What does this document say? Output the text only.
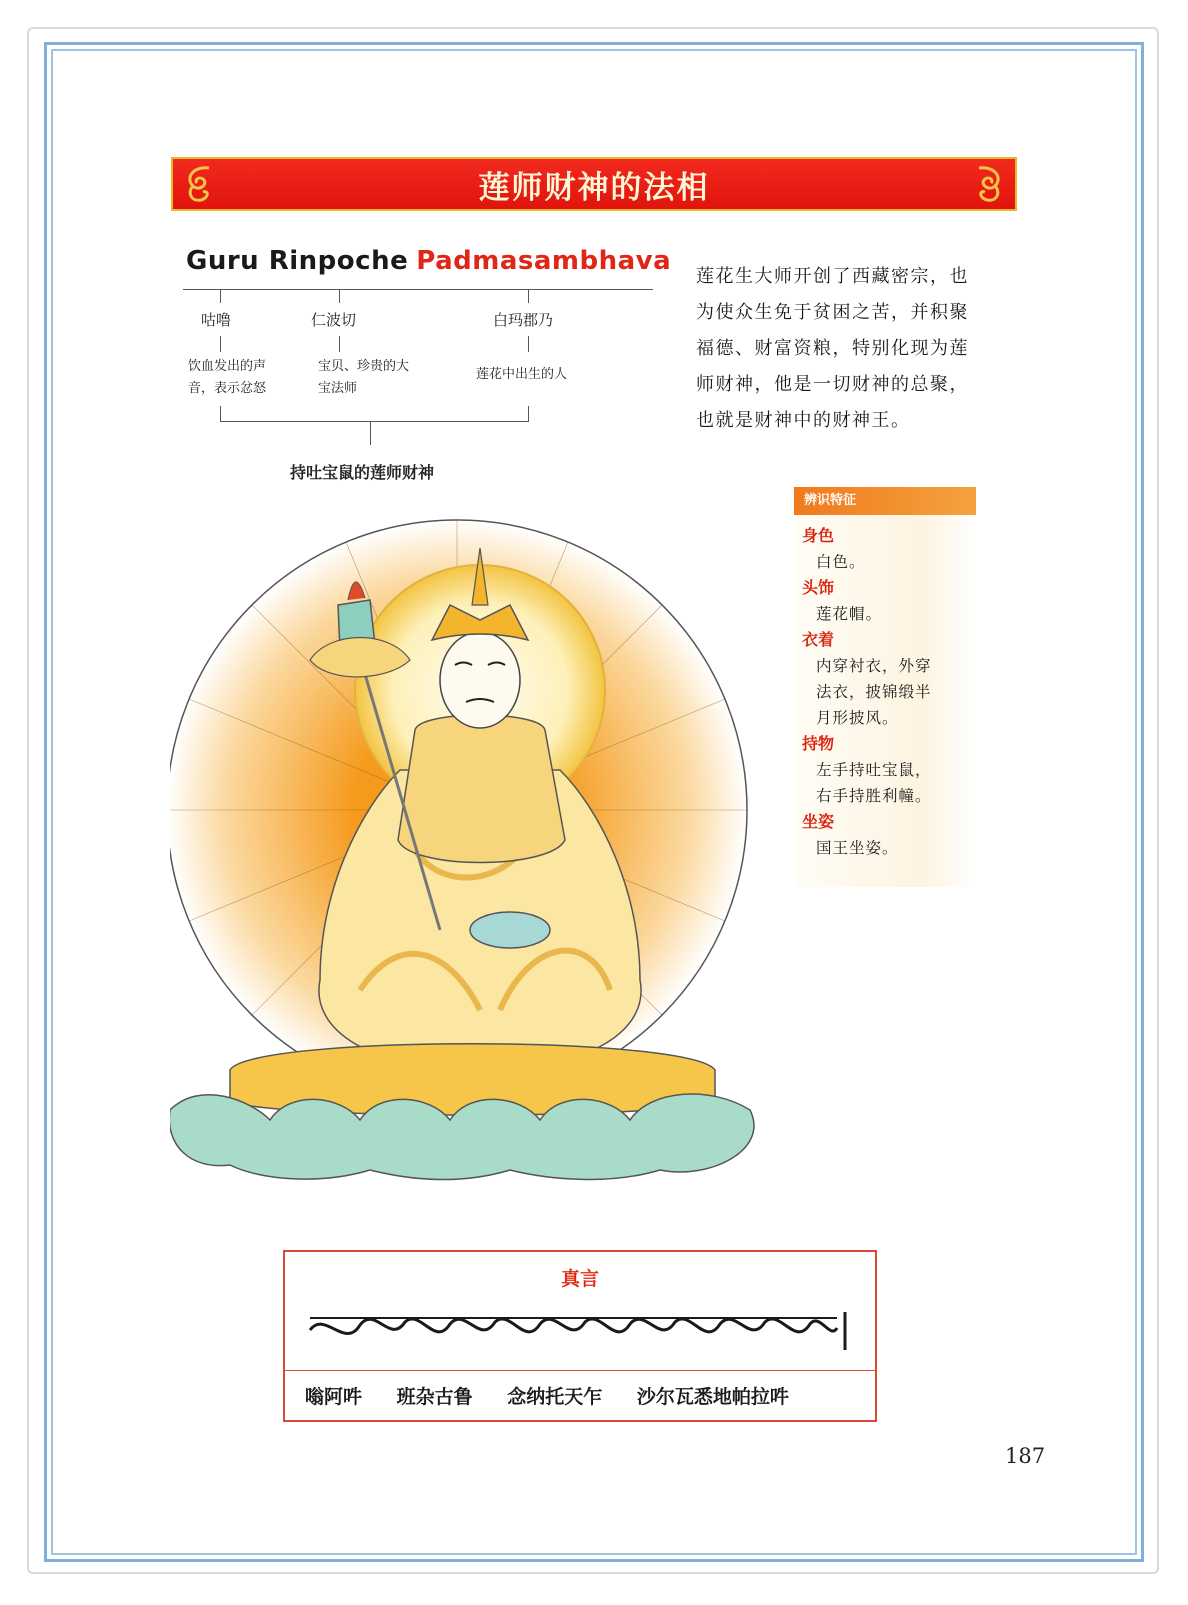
莲师财神的法相
Guru Rinpoche Padmasambhava
咕噜	仁波切	白玛郡乃
饮血发出的声
音，表示忿怒
宝贝、珍贵的大
宝法师
莲花中出生的人
持吐宝鼠的莲师财神
莲花生大师开创了西藏密宗，也为使众生免于贫困之苦，并积聚福德、财富资粮，特别化现为莲师财神，他是一切财神的总聚，也就是财神中的财神王。
辨识特征
身色
白色。
头饰
莲花帽。
衣着
内穿衬衣，外穿
法衣，披锦缎半
月形披风。
持物
左手持吐宝鼠，
右手持胜利幢。
坐姿
国王坐姿。
真言
嗡阿吽 班杂古鲁 念纳托天乍 沙尔瓦悉地帕拉吽
187
